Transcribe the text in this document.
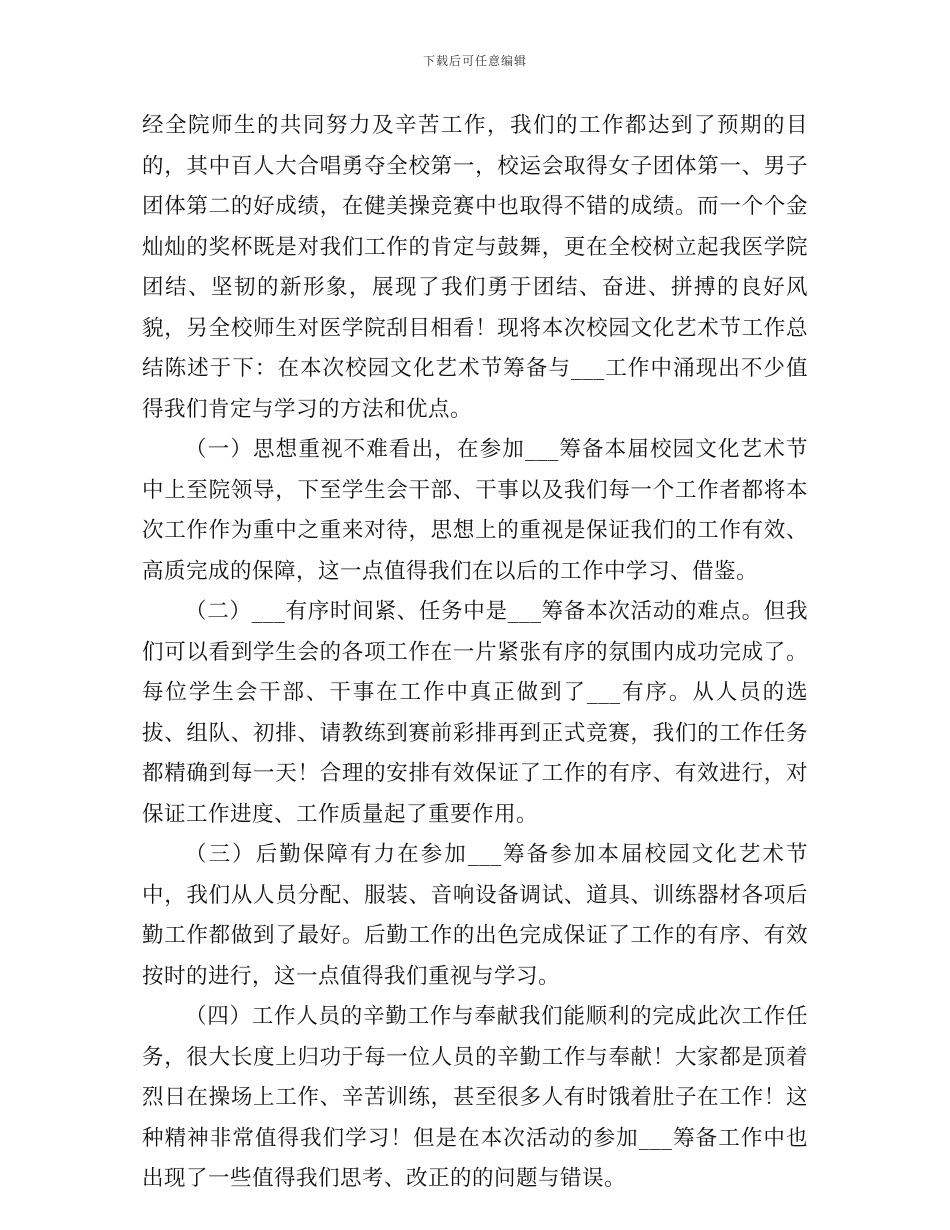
下载后可任意编辑

经全院师生的共同努力及辛苦工作，我们的工作都达到了预期的目的，其中百人大合唱勇夺全校第一，校运会取得女子团体第一、男子团体第二的好成绩，在健美操竞赛中也取得不错的成绩。而一个个金灿灿的奖杯既是对我们工作的肯定与鼓舞，更在全校树立起我医学院团结、坚韧的新形象，展现了我们勇于团结、奋进、拼搏的良好风貌，另全校师生对医学院刮目相看！现将本次校园文化艺术节工作总结陈述于下：在本次校园文化艺术节筹备与___工作中涌现出不少值得我们肯定与学习的方法和优点。

（一）思想重视不难看出，在参加___筹备本届校园文化艺术节中上至院领导，下至学生会干部、干事以及我们每一个工作者都将本次工作作为重中之重来对待，思想上的重视是保证我们的工作有效、高质完成的保障，这一点值得我们在以后的工作中学习、借鉴。

（二）___有序时间紧、任务中是___筹备本次活动的难点。但我们可以看到学生会的各项工作在一片紧张有序的氛围内成功完成了。每位学生会干部、干事在工作中真正做到了___有序。从人员的选拔、组队、初排、请教练到赛前彩排再到正式竞赛，我们的工作任务都精确到每一天！合理的安排有效保证了工作的有序、有效进行，对保证工作进度、工作质量起了重要作用。

（三）后勤保障有力在参加___筹备参加本届校园文化艺术节中，我们从人员分配、服装、音响设备调试、道具、训练器材各项后勤工作都做到了最好。后勤工作的出色完成保证了工作的有序、有效按时的进行，这一点值得我们重视与学习。

（四）工作人员的辛勤工作与奉献我们能顺利的完成此次工作任务，很大长度上归功于每一位人员的辛勤工作与奉献！大家都是顶着烈日在操场上工作、辛苦训练，甚至很多人有时饿着肚子在工作！这种精神非常值得我们学习！但是在本次活动的参加___筹备工作中也出现了一些值得我们思考、改正的的问题与错误。
